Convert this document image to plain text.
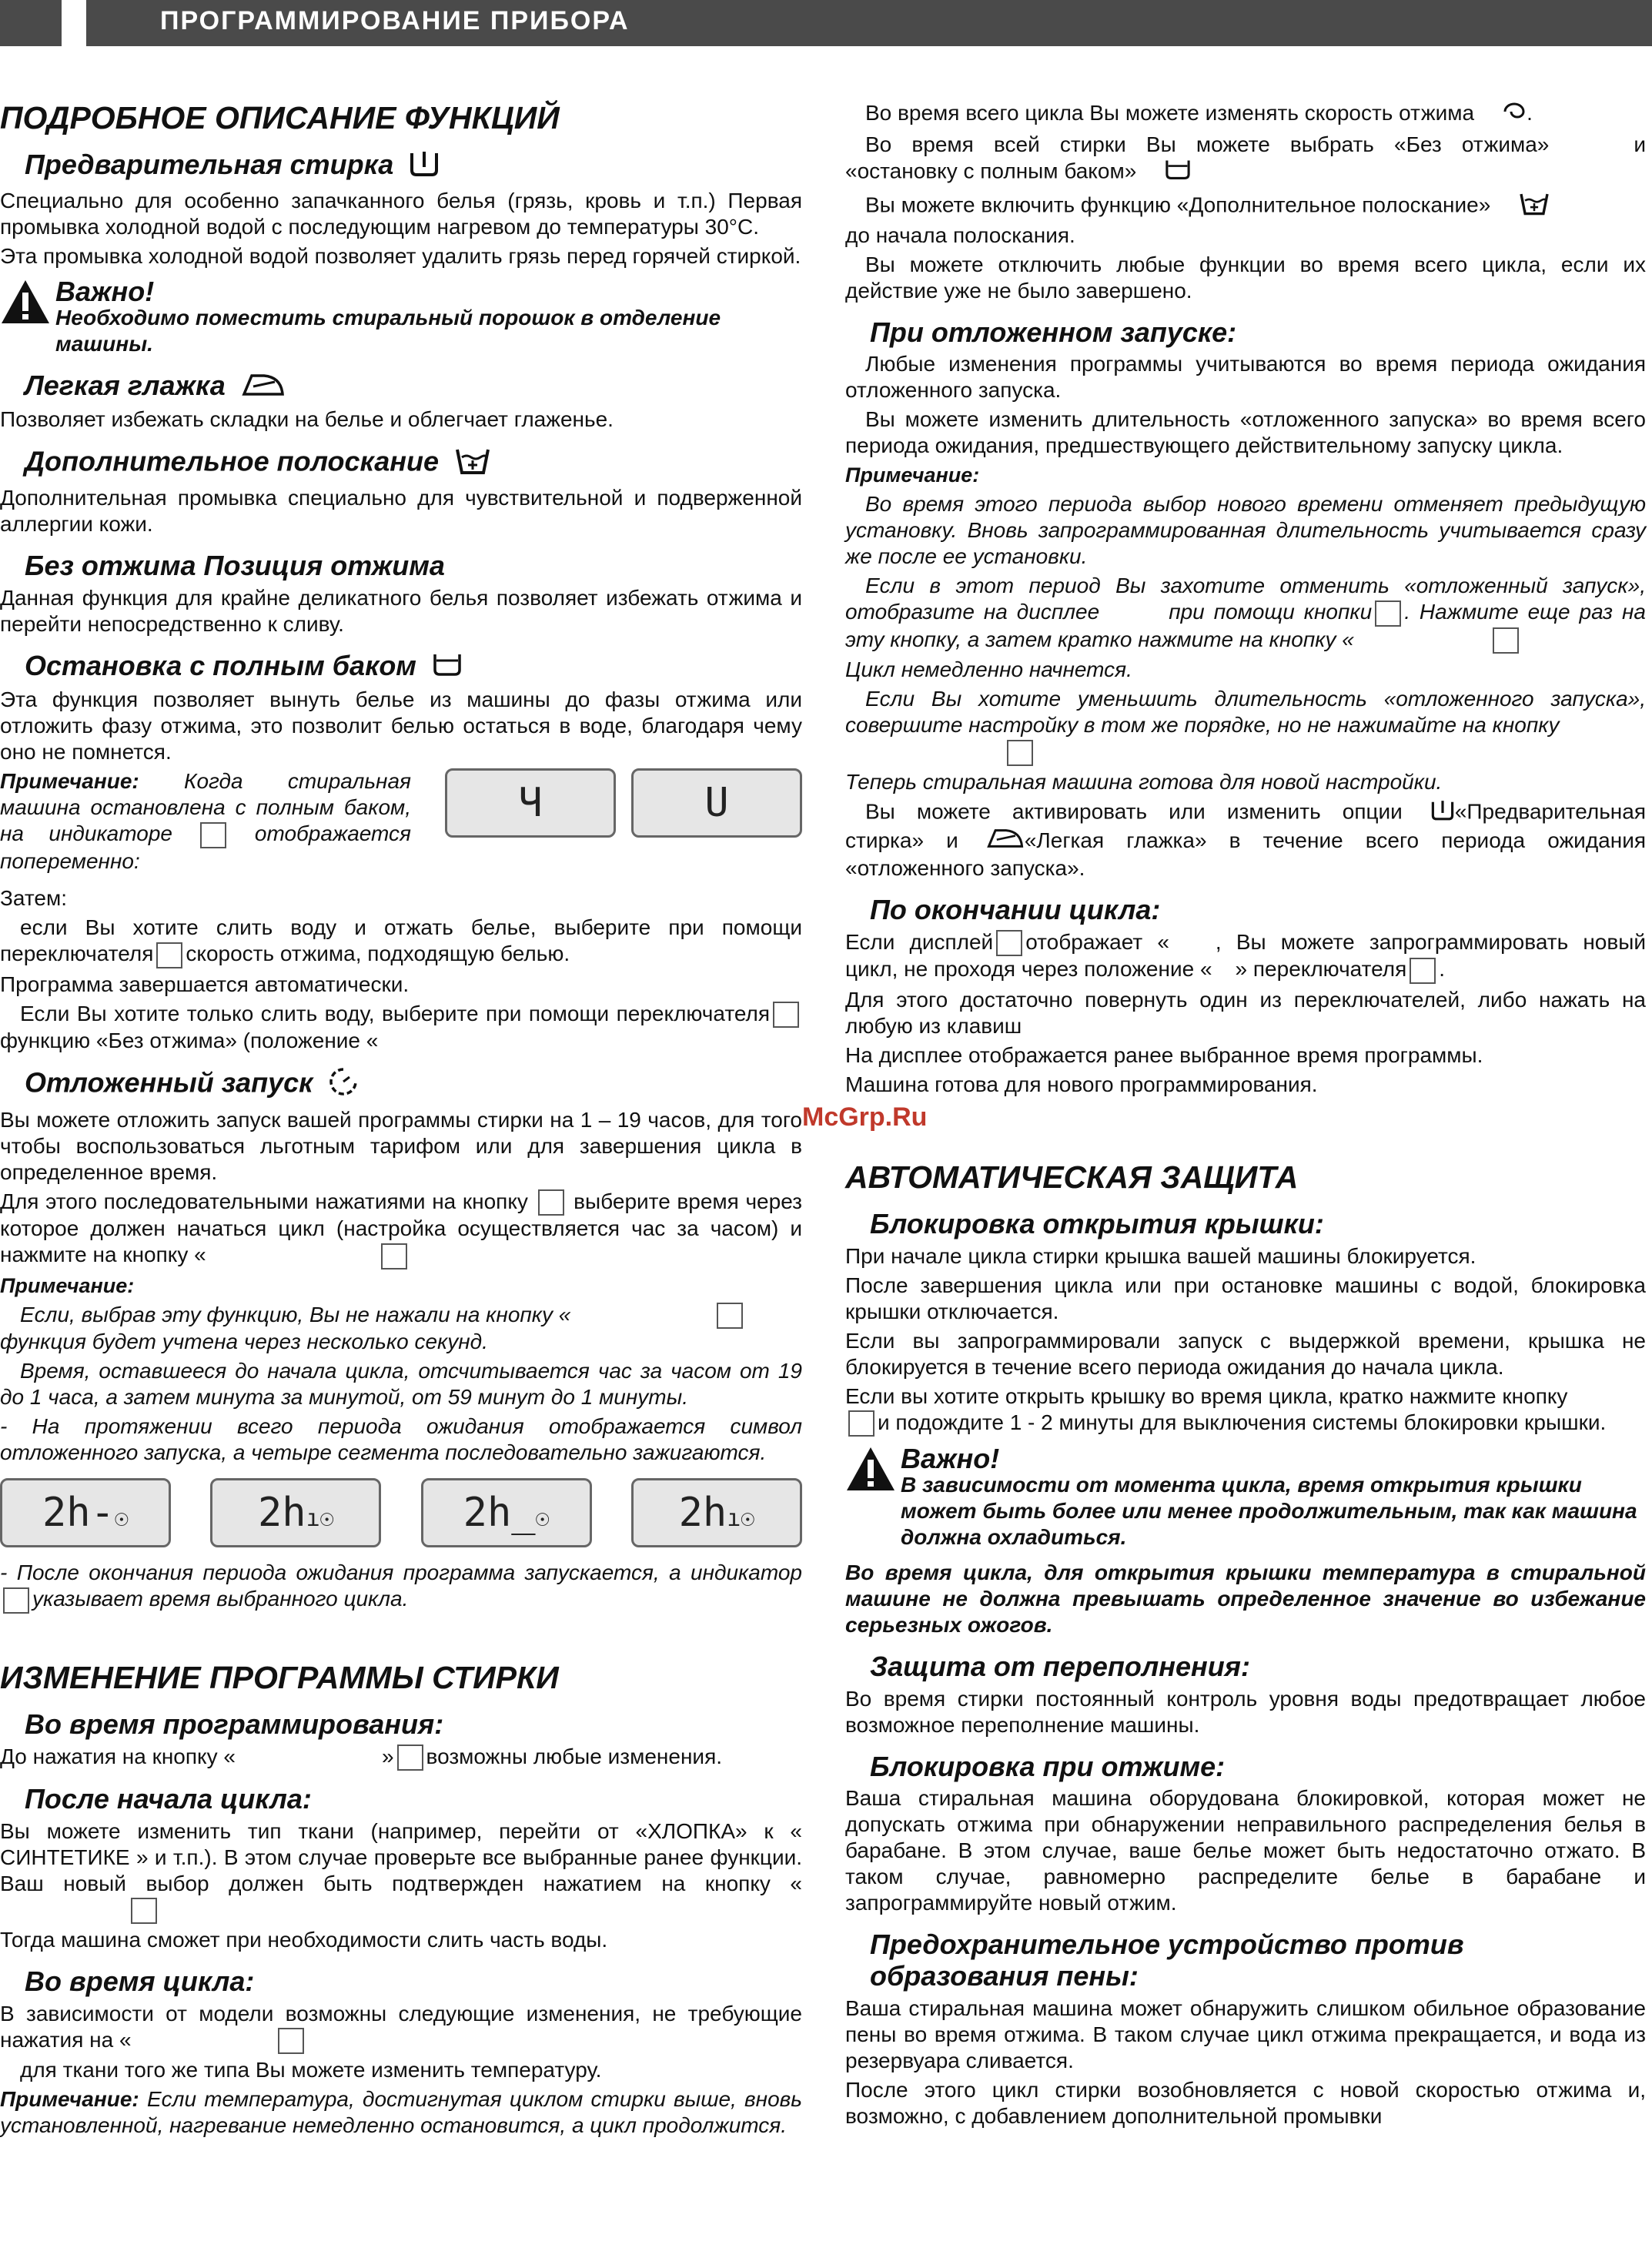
ПРОГРАММИРОВАНИЕ ПРИБОРА
McGrp.Ru
ПОДРОБНОЕ ОПИСАНИЕ ФУНКЦИЙ
Предварительная стирка

Специально для особенно запачканного белья (грязь, кровь и т.п.) Первая промывка холодной водой с последующим нагревом до температуры 30°С.

Эта промывка холодной водой позволяет удалить грязь перед горячей стиркой.

Важно!
Необходимо поместить стиральный порошок в отделение машины.
Легкая глажка

Позволяет избежать складки на белье и облегчает глаженье.

Дополнительное полоскание

Дополнительная промывка специально для чувствительной и подверженной аллергии кожи.

Без отжима Позиция отжима

Данная функция для крайне деликатного белья позволяет избежать отжима и перейти непосредственно к сливу.

Остановка с полным баком

Эта функция позволяет вынуть белье из машины до фазы отжима или отложить фазу отжима, это позволит белью остаться в воде, благодаря чему оно не помнется.

Примечание: Когда стиральная машина остановлена с полным баком, на индикаторе	отображается попеременно:

Ч	U

Затем:

если Вы хотите слить воду и отжать белье, выберите при помощи переключателя скорость отжима, подходящую белью.

Программа завершается автоматически.

Если Вы хотите только слить воду, выберите при помощи переключателяфункцию «Без отжима» (положение «

Отложенный запуск

Вы можете отложить запуск вашей программы стирки на 1 – 19 часов, для того чтобы воспользоваться льготным тарифом или для завершения цикла в определенное время.

Для этого последовательными нажатиями на кнопку выберите время через которое должен начаться цикл (настройка осуществляется час за часом) и нажмите на кнопку «

Примечание:

Если, выбрав эту функцию, Вы не нажали на кнопку «
функция будет учтена через несколько секунд.

Время, оставшееся до начала цикла, отсчитывается час за часом от 19 до 1 часа, а затем минута за минутой, от 59 минут до 1 минуты.

- На протяжении всего периода ожидания отображается символ отложенного запуска, а четыре сегмента последовательно зажигаются.

2h-☉	2hı☉	2h_☉	2hı☉

- После окончания периода ожидания программа запускается, а индикаторуказывает время выбранного цикла.

ИЗМЕНЕНИЕ ПРОГРАММЫ СТИРКИ
Во время программирования:

До нажатия на кнопку «	» возможны любые изменения.

После начала цикла:

Вы можете изменить тип ткани (например, перейти от «ХЛОПКА» к « СИНТЕТИКЕ » и т.п.). В этом случае проверьте все выбранные ранее функции. Ваш новый выбор должен быть подтвержден нажатием на кнопку «

Тогда машина сможет при необходимости слить часть воды.

Во время цикла:

В зависимости от модели возможны следующие изменения, не требующие нажатия на «

для ткани того же типа Вы можете изменить температуру.

Примечание: Если температура, достигнутая циклом стирки выше, вновь установленной, нагревание немедленно остановится, а цикл продолжится.

Во время всего цикла Вы можете изменять скорость отжима .

Во время всей стирки Вы можете выбрать «Без отжима»	и «остановку с полным баком»

Вы можете включить функцию «Дополнительное полоскание»
до начала полоскания.

Вы можете отключить любые функции во время всего цикла, если их действие уже не было завершено.

При отложенном запуске:

Любые изменения программы учитываются во время периода ожидания отложенного запуска.

Вы можете изменить длительность «отложенного запуска» во время всего периода ожидания, предшествующего действительному запуску цикла.

Примечание:

Во время этого периода выбор нового времени отменяет предыдущую установку. Вновь запрограммированная длительность учитывается сразу же после ее установки.

Если в этот период Вы захотите отменить «отложенный запуск», отобразите на дисплее	при помощи кнопки . Нажмите еще раз на эту кнопку, а затем кратко нажмите на кнопку «

Цикл немедленно начнется.

Если Вы хотите уменьшить длительность «отложенного запуска», совершите настройку в том же порядке, но не нажимайте на кнопку

Теперь стиральная машина готова для новой настройки.

Вы можете активировать или изменить опции «Предварительная стирка» и	«Легкая глажка» в течение всего периода ожидания «отложенного запуска».

По окончании цикла:

Если дисплей отображает « , Вы можете запрограммировать новый цикл, не проходя через положение « » переключателя .

Для этого достаточно повернуть один из переключателей, либо нажать на любую из клавиш

На дисплее отображается ранее выбранное время программы.

Машина готова для нового программирования.

АВТОМАТИЧЕСКАЯ ЗАЩИТА
Блокировка открытия крышки:

При начале цикла стирки крышка вашей машины блокируется.

После завершения цикла или при остановке машины с водой, блокировка крышки отключается.

Если вы запрограммировали запуск с выдержкой времени, крышка не блокируется в течение всего периода ожидания до начала цикла.

Если вы хотите открыть крышку во время цикла, кратко нажмите кнопку
и подождите 1 - 2 минуты для выключения системы блокировки крышки.

Важно!
В зависимости от момента цикла, время открытия крышки может быть более или менее продолжительным, так как машина должна охладиться.

Во время цикла, для открытия крышки температура в стиральной машине не должна превышать определенное значение во избежание серьезных ожогов.

Защита от переполнения:

Во время стирки постоянный контроль уровня воды предотвращает любое возможное переполнение машины.

Блокировка при отжиме:

Ваша стиральная машина оборудована блокировкой, которая может не допускать отжима при обнаружении неправильного распределения белья в барабане. В этом случае, ваше белье может быть недостаточно отжато. В таком случае, равномерно распределите белье в барабане и запрограммируйте новый отжим.

Предохранительное устройство против образования пены:

Ваша стиральная машина может обнаружить слишком обильное образование пены во время отжима. В таком случае цикл отжима прекращается, и вода из резервуара сливается.

После этого цикл стирки возобновляется с новой скоростью отжима и, возможно, с добавлением дополнительной промывки
